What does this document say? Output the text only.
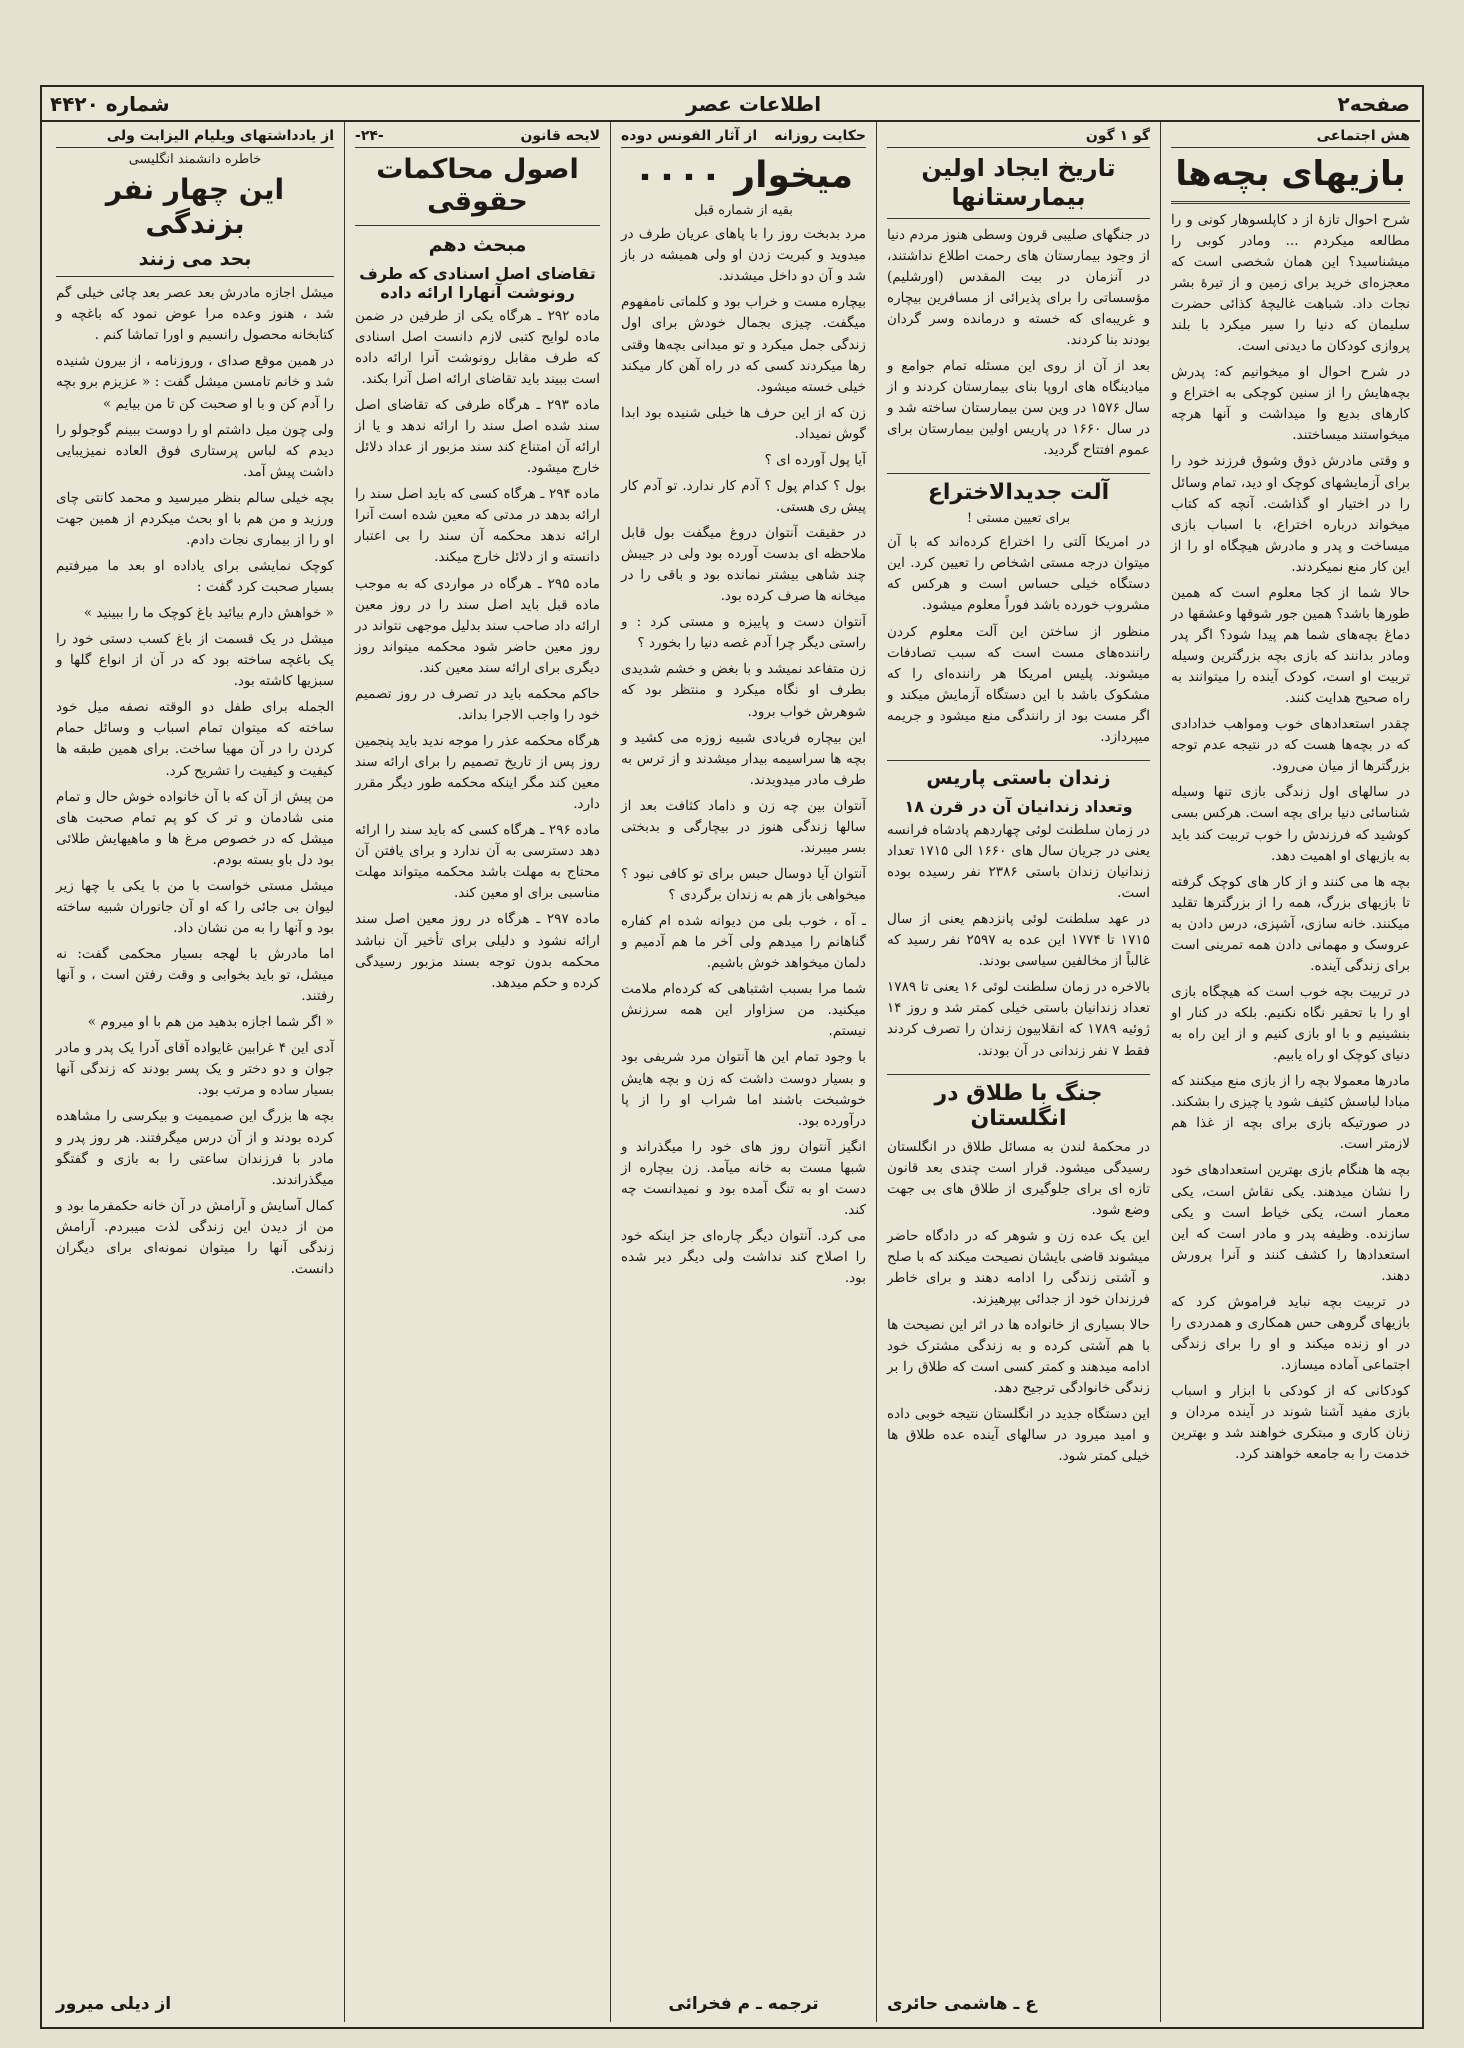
صفحه۲
اطلاعات عصر
شماره ۴۴۲۰
هش اجتماعی
بازیهای بچه‌ها

شرح احوال تازهٔ از د کاپلسوهار کونی و را مطالعه میکردم ... ومادر کوبی‌ را میشناسید؟ این همان شخصی است که معجزه‌ای خرید برای زمین و از تیرهٔ بشر نجات داد. شباهت غالیچهٔ کذائی حضرت سلیمان که دنیا را سیر میکرد با بلند پروازی کودکان ما دیدنی است.

در شرح احوال او میخوانیم که: پدرش بچه‌هایش را از سنین کوچکی به اختراع و کارهای بدیع وا میداشت و آنها هرچه میخواستند میساختند.

و وقتی مادرش ذوق وشوق فرزند خود را برای آزمایشهای کوچک او دید، تمام وسائل را در اختیار او گذاشت. آنچه که کتاب میخواند درباره اختراع، با اسباب بازی میساخت و پدر و مادرش هیچگاه او را از این کار منع نمیکردند.

حالا شما از کجا معلوم است که همین طورها باشد؟ همین جور شوقها وعشقها در دماغ بچه‌های شما هم پیدا شود؟ اگر پدر ومادر بدانند که بازی بچه بزرگترین وسیله تربیت او است، کودک آینده را میتوانند به راه صحیح هدایت کنند.

چقدر استعدادهای خوب ومواهب خدادادی که در بچه‌ها هست که در نتیجه عدم توجه بزرگترها از میان می‌رود.

در سالهای اول زندگی بازی تنها وسیله شناسائی دنیا برای بچه است. هرکس بسی کوشید که فرزندش را خوب تربیت کند باید به بازیهای او اهمیت دهد.

بچه ها می کنند و از کار های کوچک گرفته تا بازیهای بزرگ، همه را از بزرگترها تقلید میکنند. خانه سازی، آشپزی، درس دادن به عروسک و مهمانی دادن همه تمرینی است برای زندگی آینده.

در تربیت بچه خوب است که هیچگاه بازی او را با تحقیر نگاه نکنیم. بلکه در کنار او بنشینیم و با او بازی کنیم و از این راه به دنیای کوچک او راه یابیم.

مادرها معمولا بچه را از بازی منع میکنند که مبادا لباسش کثیف شود یا چیزی را بشکند. در صورتیکه بازی برای بچه از غذا هم لازمتر است.

بچه ها هنگام بازی بهترین استعدادهای خود را نشان میدهند. یکی نقاش است، یکی معمار است، یکی خیاط است و یکی سازنده. وظیفه پدر و مادر است که این استعدادها را کشف کنند و آنرا پرورش دهند.

در تربیت بچه نباید فراموش کرد که بازیهای گروهی حس همکاری و همدردی را در او زنده میکند و او را برای زندگی اجتماعی آماده میسازد.

کودکانی که از کودکی با ابزار و اسباب بازی مفید آشنا شوند در آینده مردان و زنان کاری و مبتکری خواهند شد و بهترین خدمت را به جامعه خواهند کرد.

گو ۱ گون
تاریخ ایجاد اولین بیمارستانها

در جنگهای صلیبی قرون وسطی هنوز مردم دنیا از وجود بیمارستان های رحمت اطلاع نداشتند، در آنزمان در بیت المقدس (اورشلیم) مؤسساتی را برای پذیرائی از مسافرین بیچاره و غریبه‌ای که خسته و درمانده وسر گردان بودند بنا کردند.

بعد از آن از روی این مسئله تمام جوامع و میادینگاه های اروپا بنای بیمارستان کردند و از سال ۱۵۷۶ در وین سن بیمارستان ساخته شد و در سال ۱۶۶۰ در پاریس اولین بیمارستان برای عموم افتتاح گردید.

آلت جدیدالاختراع
برای تعیین مستی !

در امریکا آلتی را اختراع کرده‌اند که با آن میتوان درجه مستی اشخاص را تعیین کرد. این دستگاه خیلی حساس است و هرکس که مشروب خورده باشد فوراً معلوم میشود.

منظور از ساختن این آلت معلوم کردن راننده‌های مست است که سبب تصادفات میشوند. پلیس امریکا هر راننده‌ای را که مشکوک باشد با این دستگاه آزمایش میکند و اگر مست بود از رانندگی منع میشود و جریمه میپردازد.

زندان باستی پاریس
وتعداد زندانیان آن در قرن ۱۸

در زمان سلطنت لوئی چهاردهم پادشاه فرانسه یعنی در جریان سال های ۱۶۶۰ الی ۱۷۱۵ تعداد زندانیان زندان باستی ۲۳۸۶ نفر رسیده بوده است.

در عهد سلطنت لوئی پانزدهم یعنی از سال ۱۷۱۵ تا ۱۷۷۴ این عده به ۲۵۹۷ نفر رسید که غالباً از مخالفین سیاسی بودند.

بالاخره در زمان سلطنت لوئی ۱۶ یعنی تا ۱۷۸۹ تعداد زندانیان باستی خیلی کمتر شد و روز ۱۴ ژوئیه ۱۷۸۹ که انقلابیون زندان را تصرف کردند فقط ۷ نفر زندانی در آن بودند.

جنگ با طلاق در انگلستان

در محکمهٔ لندن به مسائل طلاق در انگلستان رسیدگی میشود. قرار است چندی بعد قانون تازه ای برای جلوگیری از طلاق های بی جهت وضع شود.

این یک عده زن و شوهر که در دادگاه حاضر میشوند قاضی بایشان نصیحت میکند که با صلح و آشتی زندگی را ادامه دهند و برای خاطر فرزندان خود از جدائی بپرهیزند.

حالا بسیاری از خانواده ها در اثر این نصیحت ها با هم آشتی کرده و به زندگی مشترک خود ادامه میدهند و کمتر کسی است که طلاق را بر زندگی خانوادگی ترجیح دهد.

این دستگاه جدید در انگلستان نتیجه خوبی داده و امید میرود در سالهای آینده عده طلاق ها خیلی کمتر شود.

ع ـ هاشمی حائری
حکایت روزانه
از آثار الفونس دوده
میخوار ۰۰۰۰
بقیه از شماره قبل

مرد بدبخت روز را با پاهای عریان طرف در میدوید و کبریت زدن او ولی همیشه در باز شد و آن دو داخل میشدند.

بیچاره مست و خراب بود و کلماتی نامفهوم میگفت. چیزی بجمال خودش برای اول زندگی جمل میکرد و تو میدانی بچه‌ها وقتی رها میکردند کسی که در راه آهن کار میکند خیلی خسته میشود.

زن که از این حرف ها خیلی شنیده بود ابدا گوش نمیداد.

آیا پول آورده ای ؟

بول ؟ کدام پول ؟ آدم کار ندارد. تو آدم کار پیش ری هستی.

در حقیقت آنتوان دروغ میگفت بول قابل ملاحظه ای بدست آورده بود ولی در جیبش چند شاهی بیشتر نمانده بود و باقی را در میخانه ها صرف کرده بود.

آنتوان دست و پاییزه و مستی کرد : و راستی دیگر چرا آدم غصه دنیا را بخورد ؟

زن متفاعد نمیشد و با بغض و خشم شدیدی بطرف او نگاه میکرد و منتظر بود که شوهرش خواب برود.

این بیچاره فریادی شبیه زوزه می کشید و بچه ها سراسیمه بیدار میشدند و از ترس به طرف مادر میدویدند.

آنتوان بین چه زن و داماد کثافت بعد از سالها زندگی هنوز در بیچارگی و بدبختی بسر میبرند.

آنتوان آیا دوسال حبس برای تو کافی نبود ؟ میخواهی باز هم به زندان برگردی ؟

ـ آه ، خوب بلی من دیوانه شده ام کفاره گناهانم را میدهم ولی آخر ما هم آدمیم و دلمان میخواهد خوش باشیم.

شما مرا بسبب اشتباهی که کرده‌ام ملامت میکنید. من سزاوار این همه سرزنش نیستم.

با وجود تمام این ها آنتوان مرد شریفی بود و بسیار دوست داشت که زن و بچه هایش خوشبخت باشند اما شراب او را از پا درآورده بود.

انگیز آنتوان روز های خود را میگذراند و شبها مست به خانه میآمد. زن بیچاره از دست او به تنگ آمده بود و نمیدانست چه کند.

می کرد. آنتوان دیگر چاره‌ای جز اینکه خود را اصلاح کند نداشت ولی دیگر دیر شده بود.

ترجمه ـ م فخرائی
لایحه قانون
-۲۴-
اصول محاکمات حقوقی
مبحث دهم
تقاضای اصل اسنادی که طرف رونوشت آنهارا ارائه داده

ماده ۲۹۲ ـ هرگاه یکی از طرفین در ضمن ماده لوایح کتبی لازم دانست اصل اسنادی که طرف مقابل رونوشت آنرا ارائه داده است ببیند باید تقاضای ارائه اصل آنرا بکند.

ماده ۲۹۳ ـ هرگاه طرفی که تقاضای اصل سند شده اصل سند را ارائه ندهد و یا از ارائه آن امتناع کند سند مزبور از عداد دلائل خارج میشود.

ماده ۲۹۴ ـ هرگاه کسی که باید اصل سند را ارائه بدهد در مدتی که معین شده است آنرا ارائه ندهد محکمه آن سند را بی اعتبار دانسته و از دلائل خارج میکند.

ماده ۲۹۵ ـ هرگاه در مواردی که به موجب ماده قبل باید اصل سند را در روز معین ارائه داد صاحب سند بدلیل موجهی نتواند در روز معین حاضر شود محکمه میتواند روز دیگری برای ارائه سند معین کند.

حاکم محکمه باید در تصرف در روز تصمیم خود را واجب الاجرا بداند.

هرگاه محکمه عذر را موجه ندید باید پنجمین روز پس از تاریخ تصمیم را برای ارائه سند معین کند مگر اینکه محکمه طور دیگر مقرر دارد.

ماده ۲۹۶ ـ هرگاه کسی که باید سند را ارائه دهد دسترسی به آن ندارد و برای یافتن آن محتاج به مهلت باشد محکمه میتواند مهلت مناسبی برای او معین کند.

ماده ۲۹۷ ـ هرگاه در روز معین اصل سند ارائه نشود و دلیلی برای تأخیر آن نباشد محکمه بدون توجه بسند مزبور رسیدگی کرده و حکم میدهد.

از یادداشتهای ویلیام الیزابت ولی
خاطره دانشمند انگلیسی
این چهار نفر بزندگی
بحد می زنند

میشل اجازه مادرش بعد عصر بعد چائی خیلی گم شد ، هنوز وعده مرا عوض نمود که باغچه و کتابخانه محصول رانسیم و اورا تماشا کنم .

در همین موقع صدای ، وروزنامه ، از بیرون شنیده شد و خانم تامسن میشل گفت : « عزیزم برو بچه را آدم کن و با او صحبت کن تا من بیایم »

ولی چون میل داشتم او را دوست ببینم گوجولو را دیدم که لباس پرستاری فوق العاده نمیزیبایی داشت پیش آمد.

بچه خیلی سالم بنظر میرسید و محمد کانتی چای ورزید و من هم با او بحث میکردم از همین جهت او را از بیماری نجات دادم.

کوچک نمایشی برای یاداده او بعد ما میرفتیم بسیار صحبت کرد گفت :

« خواهش دارم بیائید باغ کوچک ما را ببینید »

میشل در یک قسمت از باغ کسب دستی خود را یک باغچه ساخته بود که در آن از انواع گلها و سبزیها کاشته بود.

الجمله برای طفل دو الوقته نصفه میل خود ساخته که میتوان تمام اسباب و وسائل حمام کردن را در آن مهیا ساخت. برای همین طبقه ها کیفیت و کیفیت را تشریح کرد.

من پیش از آن که با آن خانواده خوش حال و تمام منی شادمان و تر ک کو پم تمام صحبت های میشل که در خصوص مرغ ها و ماهیهایش طلائی بود دل باو بسته بودم.

میشل مستی خواست با من با یکی با چها زیر لیوان بی جائی را که او آن جانوران شبیه ساخته بود و آنها را به من نشان داد.

اما مادرش با لهجه بسیار محکمی گفت: نه میشل، تو باید بخوابی و وقت رفتن است ، و آنها رفتند.

« اگر شما اجازه بدهید من هم با او میروم »

آدی این ۴ غرابین غایواده آقای آدرا یک پدر و مادر جوان و دو دختر و یک پسر بودند که زندگی آنها بسیار ساده و مرتب بود.

بچه ها بزرگ این صمیمیت و بیکرسی را مشاهده کرده بودند و از آن درس میگرفتند. هر روز پدر و مادر با فرزندان ساعتی را به بازی و گفتگو میگذراندند.

کمال آسایش و آرامش در آن خانه حکمفرما بود و من از دیدن این زندگی لذت میبردم. آرامش زندگی آنها را میتوان نمونه‌ای برای دیگران دانست.

از دیلی میرور
